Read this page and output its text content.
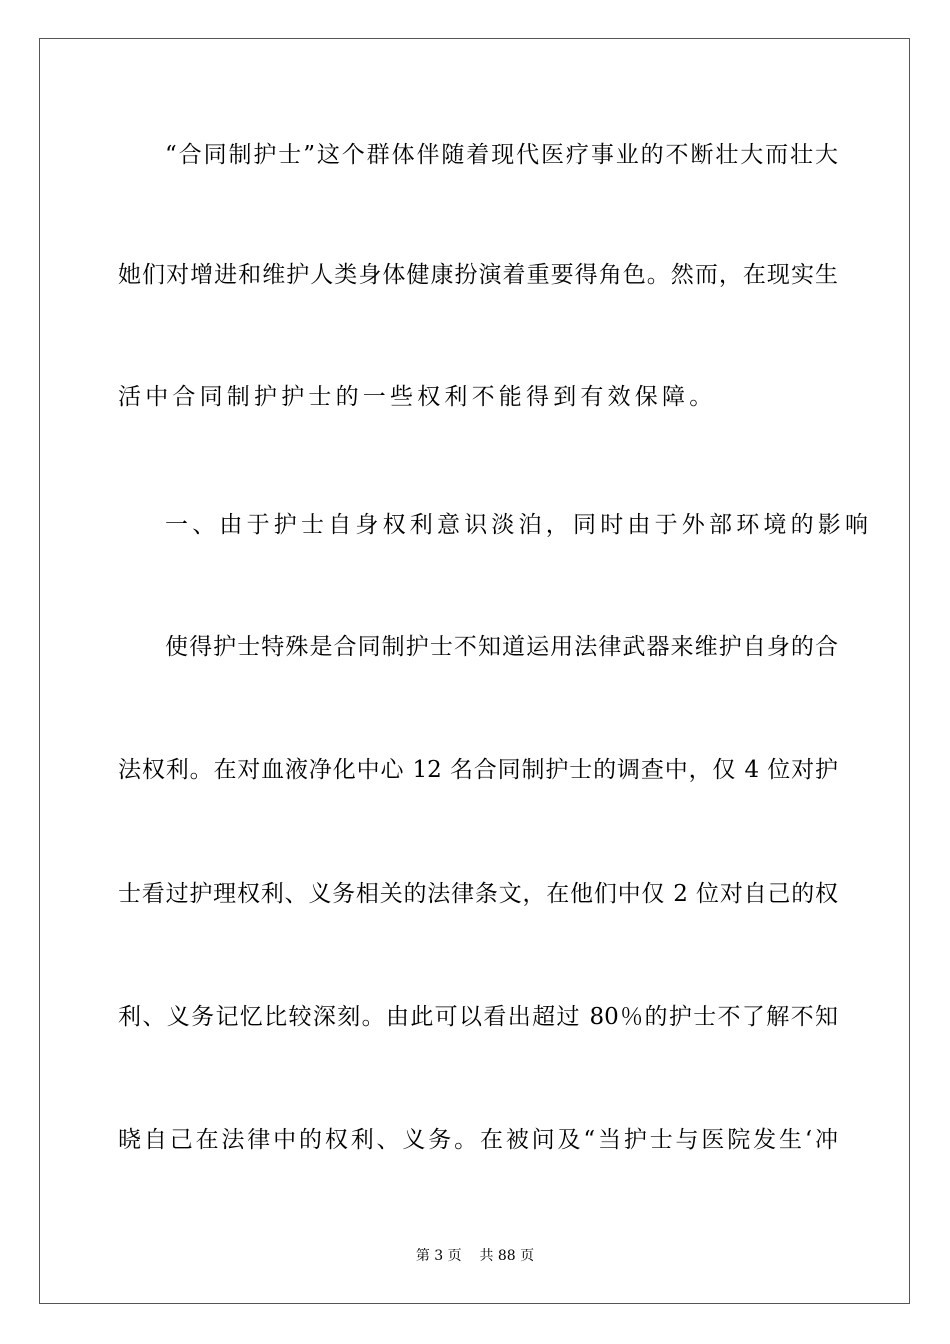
“合同制护士”这个群体伴随着现代医疗事业的不断壮大而壮大
她们对增进和维护人类身体健康扮演着重要得角色。然而，在现实生
活中合同制护护士的一些权利不能得到有效保障。
一、由于护士自身权利意识淡泊，同时由于外部环境的影响
使得护士特殊是合同制护士不知道运用法律武器来维护自身的合
法权利。在对血液净化中心 12 名合同制护士的调查中，仅 4 位对护
士看过护理权利、义务相关的法律条文，在他们中仅 2 位对自己的权
利、义务记忆比较深刻。由此可以看出超过 80％的护士不了解不知
晓自己在法律中的权利、义务。在被问及“当护士与医院发生‘冲
第 3 页 共 88 页
